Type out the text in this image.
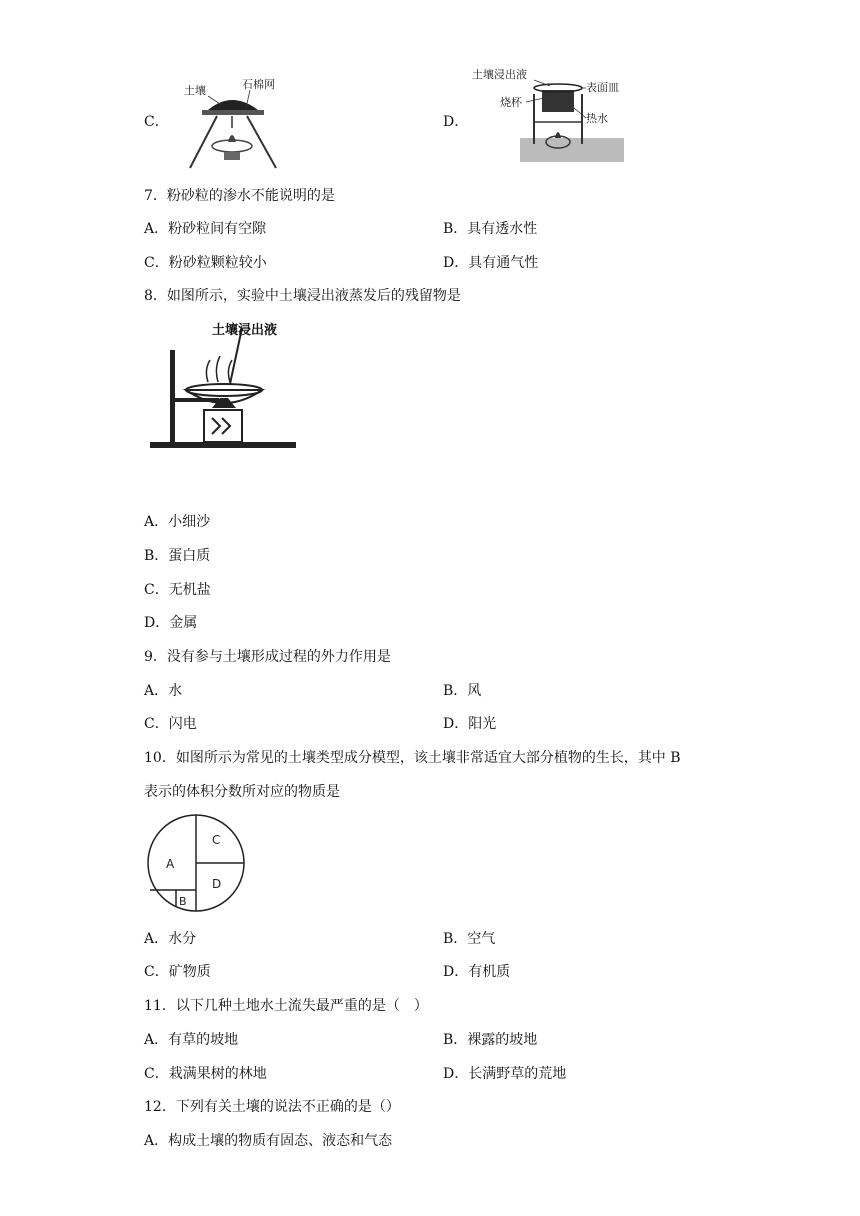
C．
土壤	石棉网
D．
土壤浸出液
表面皿
烧杯
热水
7．粉砂粒的渗水不能说明的是
A．粉砂粒间有空隙	B．具有透水性
C．粉砂粒颗粒较小	D．具有通气性
8．如图所示，实验中土壤浸出液蒸发后的残留物是
土壤浸出液
A．小细沙
B．蛋白质
C．无机盐
D．金属
9．没有参与土壤形成过程的外力作用是
A．水	B．风
C．闪电	D．阳光
10．如图所示为常见的土壤类型成分模型，该土壤非常适宜大部分植物的生长，其中 B
表示的体积分数所对应的物质是
A
C
D
B
A．水分	B．空气
C．矿物质	D．有机质
11．以下几种土地水土流失最严重的是（　）
A．有草的坡地	B．裸露的坡地
C．栽满果树的林地	D．长满野草的荒地
12．下列有关土壤的说法不正确的是（）
A．构成土壤的物质有固态、液态和气态
